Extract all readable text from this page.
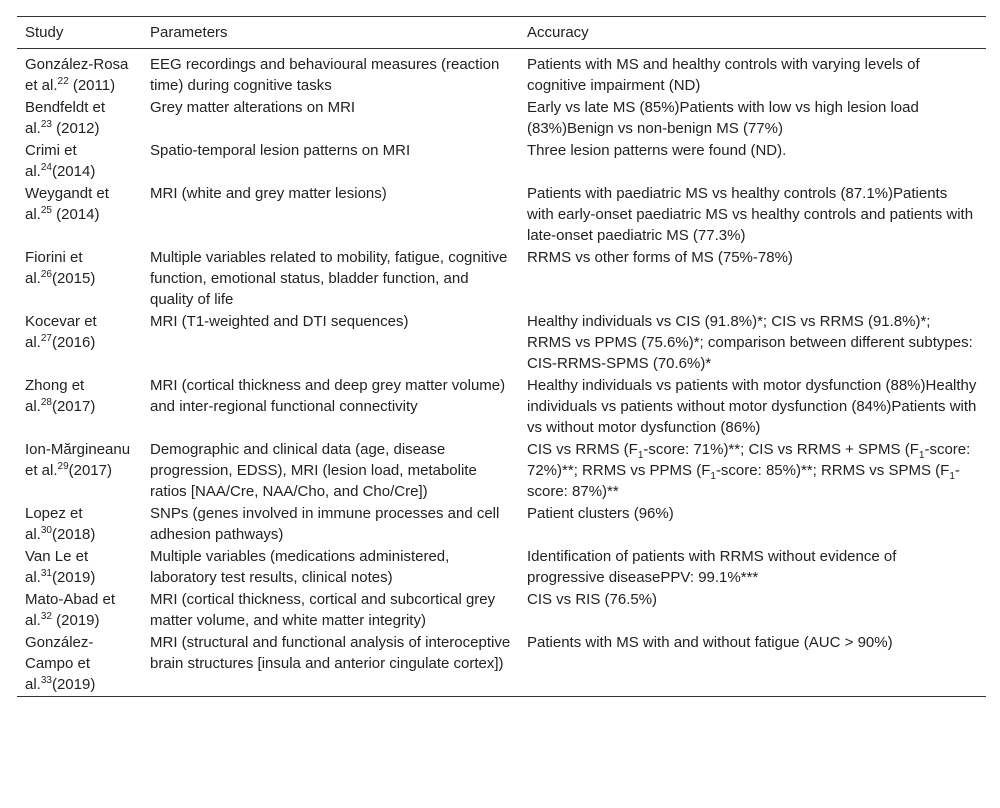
Study	Parameters	Accuracy
González-Rosa et al.$^{22}$ (2011)	EEG recordings and behavioural measures (reaction time) during cognitive tasks	Patients with MS and healthy controls with varying levels of cognitive impairment (ND)
Bendfeldt et al.$^{23}$ (2012)	Grey matter alterations on MRI	Early vs late MS (85%)Patients with low vs high lesion load (83%)Benign vs non-benign MS (77%)
Crimi et al.$^{24}$(2014)	Spatio-temporal lesion patterns on MRI	Three lesion patterns were found (ND).
Weygandt et al.$^{25}$ (2014)	MRI (white and grey matter lesions)	Patients with paediatric MS vs healthy controls (87.1%)Patients with early-onset paediatric MS vs healthy controls and patients with late-onset paediatric MS (77.3%)
Fiorini et al.$^{26}$(2015)	Multiple variables related to mobility, fatigue, cognitive function, emotional status, bladder function, and quality of life	RRMS vs other forms of MS (75%-78%)
Kocevar et al.$^{27}$(2016)	MRI (T1-weighted and DTI sequences)	Healthy individuals vs CIS (91.8%)*; CIS vs RRMS (91.8%)*; RRMS vs PPMS (75.6%)*; comparison between different subtypes: CIS-RRMS-SPMS (70.6%)*
Zhong et al.$^{28}$(2017)	MRI (cortical thickness and deep grey matter volume) and inter-regional functional connectivity	Healthy individuals vs patients with motor dysfunction (88%)Healthy individuals vs patients without motor dysfunction (84%)Patients with vs without motor dysfunction (86%)
Ion-Mărgineanu et al.$^{29}$(2017)	Demographic and clinical data (age, disease progression, EDSS), MRI (lesion load, metabolite ratios [NAA/Cre, NAA/Cho, and Cho/Cre])	CIS vs RRMS ($F_1$-score: 71%)**; CIS vs RRMS + SPMS ($F_1$-score: 72%)**; RRMS vs PPMS ($F_1$-score: 85%)**; RRMS vs SPMS ($F_1$-score: 87%)**
Lopez et al.$^{30}$(2018)	SNPs (genes involved in immune processes and cell adhesion pathways)	Patient clusters (96%)
Van Le et al.$^{31}$(2019)	Multiple variables (medications administered, laboratory test results, clinical notes)	Identification of patients with RRMS without evidence of progressive diseasePPV: 99.1%***
Mato-Abad et al.$^{32}$ (2019)	MRI (cortical thickness, cortical and subcortical grey matter volume, and white matter integrity)	CIS vs RIS (76.5%)
González-Campo et al.$^{33}$(2019)	MRI (structural and functional analysis of interoceptive brain structures [insula and anterior cingulate cortex])	Patients with MS with and without fatigue (AUC > 90%)
